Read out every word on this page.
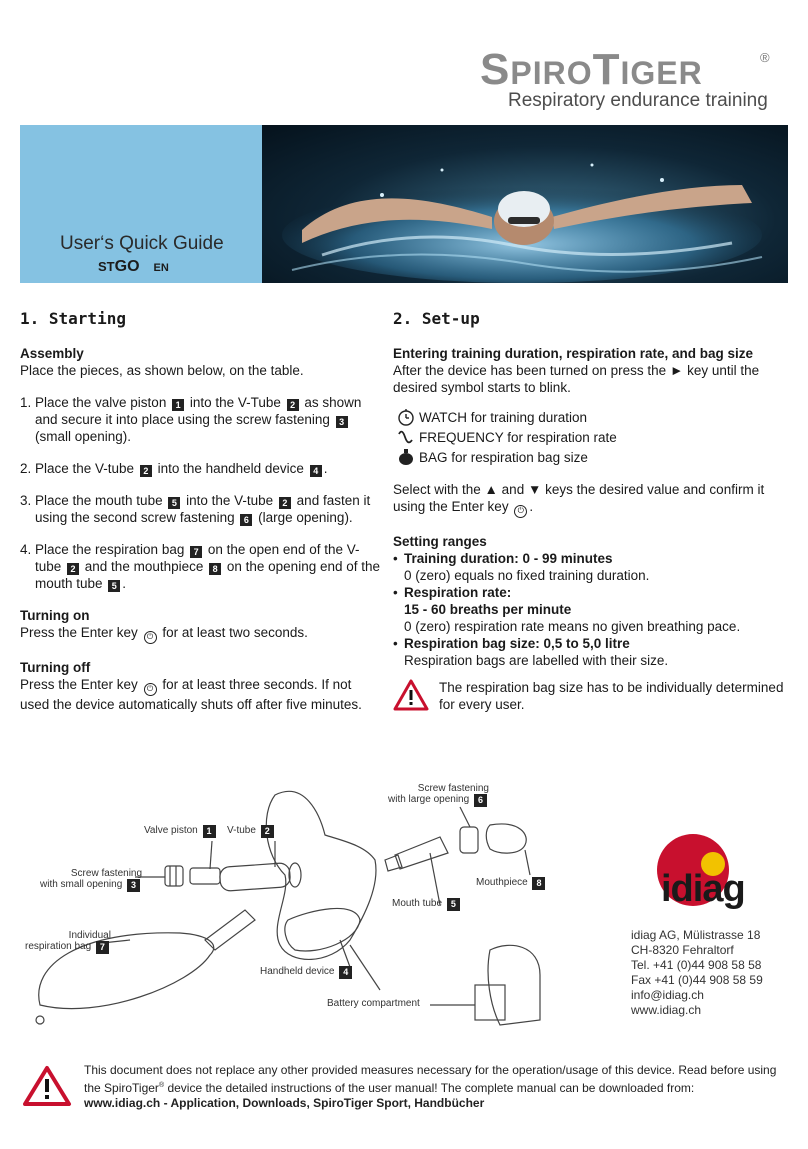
SPIROTIGER	®
Respiratory endurance training
User‘s Quick Guide
STGO EN
1. Starting
Assembly

Place the pieces, as shown below, on the table.

1. Place the valve piston 1 into the V-Tube 2 as shown and secure it into place using the screw fastening 3 (small opening).
2. Place the V-tube 2 into the handheld device 4 .
3. Place the mouth tube 5 into the V-tube 2 and fasten it using the second screw fastening 6 (large opening).
4. Place the respiration bag 7 on the open end of the V-tube 2 and the mouthpiece 8 on the opening end of the mouth tube 5 .
Turning on

Press the Enter key ⏻ for at least two seconds.

Turning off

Press the Enter key ⏻ for at least three seconds. If not used the device automatically shuts off after five minutes.

2. Set-up
Entering training duration, respiration rate, and bag size

After the device has been turned on press the ► key until the desired symbol starts to blink.

WATCH for training duration
FREQUENCY for respiration rate
BAG for respiration bag size

Select with the ▲ and ▼ keys the desired value and confirm it using the Enter key ⏻ .

Setting ranges
• Training duration: 0 - 99 minutes
0 (zero) equals no fixed training duration.
• Respiration rate:
15 - 60 breaths per minute
0 (zero) respiration rate means no given breathing pace.
• Respiration bag size: 0,5 to 5,0 litre
Respiration bags are labelled with their size.

The respiration bag size has to be individually determined for every user.

Valve piston 1	V-tube 2
Screw fastening
with small opening 3
Individual
respiration bag 7
Screw fastening
with large opening 6
Mouthpiece 8
Mouth tube 5
Handheld device 4
Battery compartment
idiag
idiag AG, Mülistrasse 18
CH-8320 Fehraltorf
Tel. +41 (0)44 908 58 58
Fax +41 (0)44 908 58 59
info@idiag.ch
www.idiag.ch
This document does not replace any other provided measures necessary for the operation/usage of this device. Read before using the SpiroTiger® device the detailed instructions of the user manual! The complete manual can be downloaded from:
www.idiag.ch - Application, Downloads, SpiroTiger Sport, Handbücher
